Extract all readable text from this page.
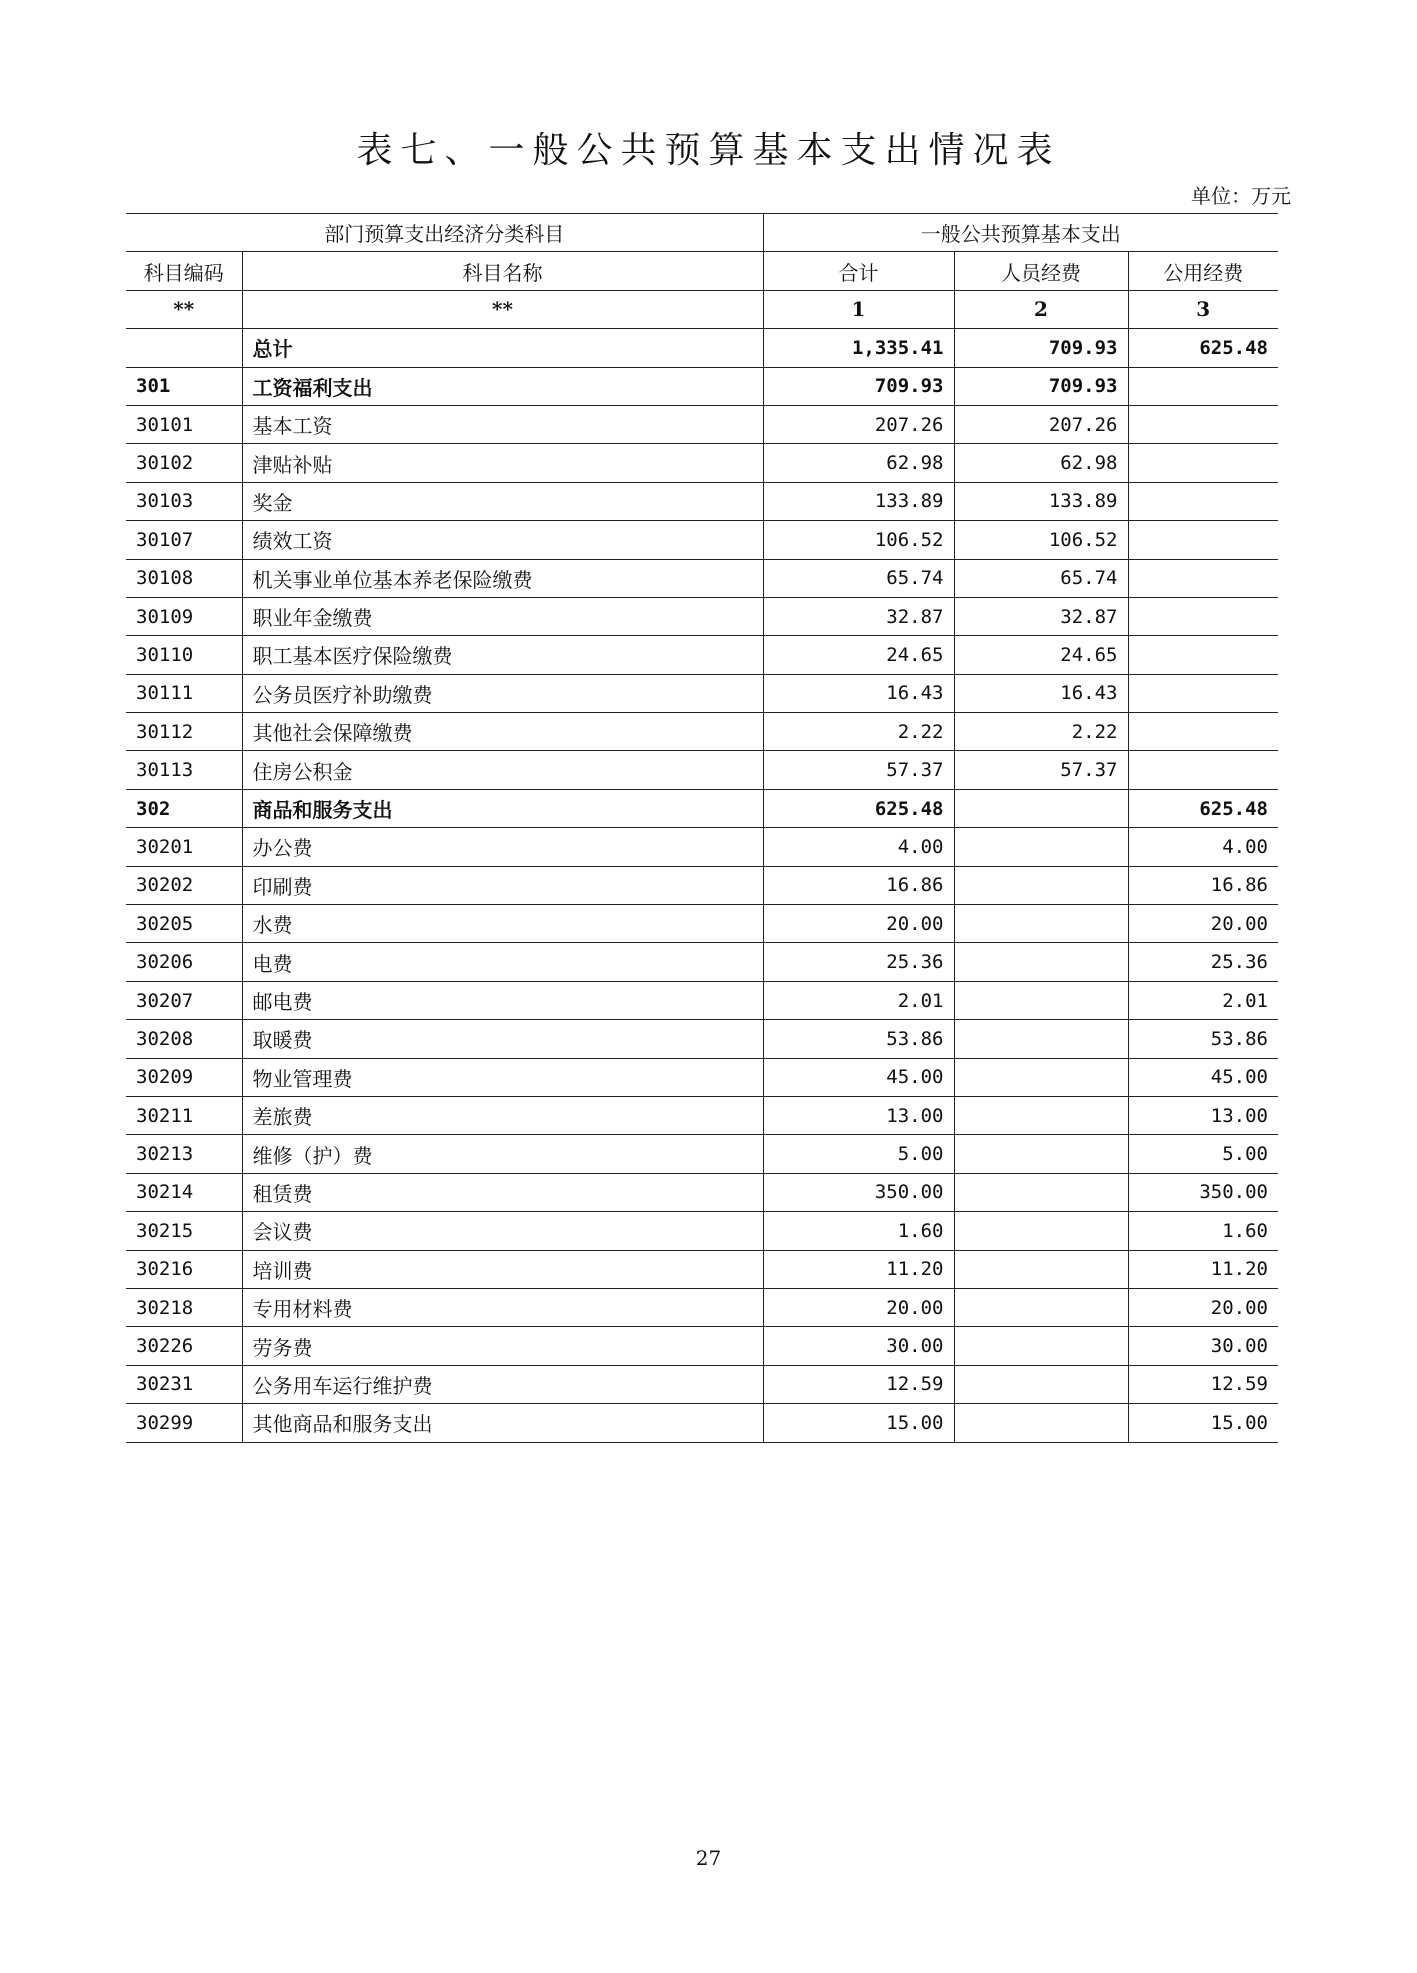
表七、一般公共预算基本支出情况表
单位：万元
部门预算支出经济分类科目		一般公共预算基本支出		
科目编码	科目名称	合计	人员经费	公用经费
**	**	1	2	3
	总计	1,335.41	709.93	625.48
301	工资福利支出	709.93	709.93	
30101	基本工资	207.26	207.26	
30102	津贴补贴	62.98	62.98	
30103	奖金	133.89	133.89	
30107	绩效工资	106.52	106.52	
30108	机关事业单位基本养老保险缴费	65.74	65.74	
30109	职业年金缴费	32.87	32.87	
30110	职工基本医疗保险缴费	24.65	24.65	
30111	公务员医疗补助缴费	16.43	16.43	
30112	其他社会保障缴费	2.22	2.22	
30113	住房公积金	57.37	57.37	
302	商品和服务支出	625.48		625.48
30201	办公费	4.00		4.00
30202	印刷费	16.86		16.86
30205	水费	20.00		20.00
30206	电费	25.36		25.36
30207	邮电费	2.01		2.01
30208	取暖费	53.86		53.86
30209	物业管理费	45.00		45.00
30211	差旅费	13.00		13.00
30213	维修（护）费	5.00		5.00
30214	租赁费	350.00		350.00
30215	会议费	1.60		1.60
30216	培训费	11.20		11.20
30218	专用材料费	20.00		20.00
30226	劳务费	30.00		30.00
30231	公务用车运行维护费	12.59		12.59
30299	其他商品和服务支出	15.00		15.00
27
